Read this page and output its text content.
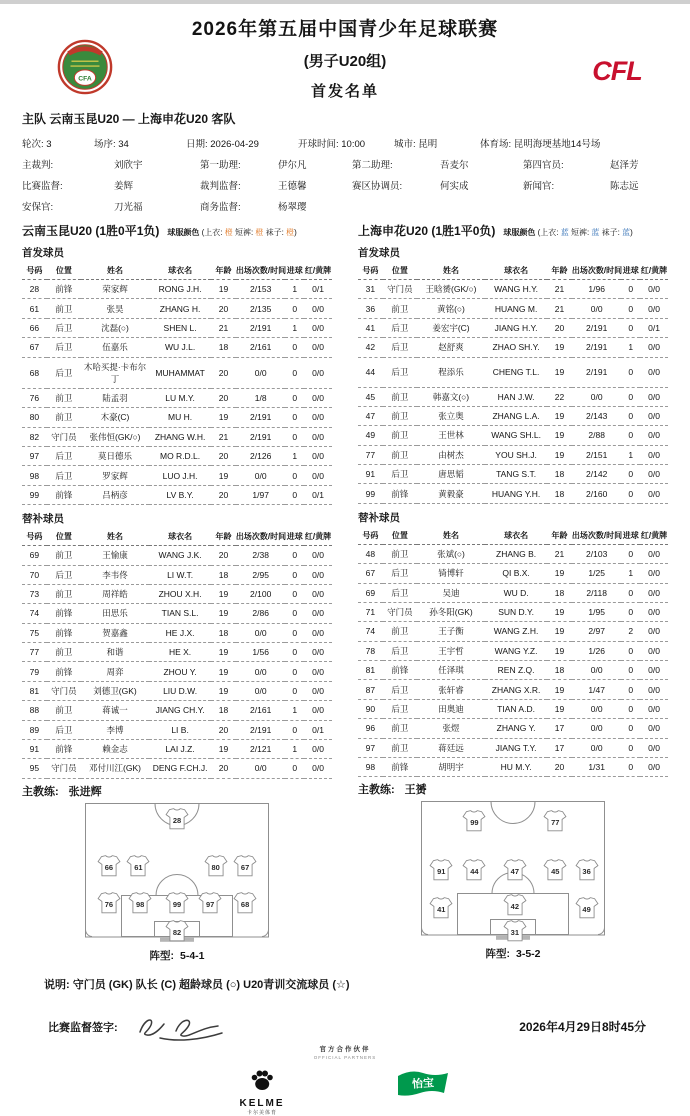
CFA
2026年第五届中国青少年足球联赛
(男子U20组)
首发名单
CFL
主队 云南玉昆U20 — 上海申花U20 客队
轮次: 3	场序: 34	日期: 2026-04-29	开球时间: 10:00	城市: 昆明	体育场: 昆明海埂基地14号场
主裁判:	刘欣宇	第一助理:	伊尔凡	第二助理:	吾麦尔	第四官员:	赵泽芳
比赛监督:	姜辉	裁判监督:	王德馨	赛区协调员:	何实成	新闻官:	陈志远
安保官:	刀光福	商务监督:	杨翠璎
云南玉昆U20 (1胜0平1负) 球服颜色 (上衣: 橙 短裤: 橙 袜子: 橙)
首发球员
号码	位置	姓名	球衣名	年龄	出场次数/时间	进球	红/黄牌
28	前锋	荣家辉	RONG J.H.	19	2/153	1	0/1
61	前卫	张昊	ZHANG H.	20	2/135	0	0/0
66	后卫	沈磊(○)	SHEN L.	21	2/191	1	0/0
67	后卫	伍嘉乐	WU J.L.	18	2/161	0	0/0
68	后卫	木哈买提·卡布尔丁	MUHAMMAT	20	0/0	0	0/0
76	前卫	陆孟羽	LU M.Y.	20	1/8	0	0/0
80	前卫	木豪(C)	MU H.	19	2/191	0	0/0
82	守门员	张伟恒(GK/○)	ZHANG W.H.	21	2/191	0	0/0
97	后卫	莫日德乐	MO R.D.L.	20	2/126	1	0/0
98	后卫	罗家辉	LUO J.H.	19	0/0	0	0/0
99	前锋	吕柄彦	LV B.Y.	20	1/97	0	0/1
替补球员
号码	位置	姓名	球衣名	年龄	出场次数/时间	进球	红/黄牌
69	前卫	王愉康	WANG J.K.	20	2/38	0	0/0
70	后卫	李韦佟	LI W.T.	18	2/95	0	0/0
73	前卫	周祥皓	ZHOU X.H.	19	2/100	0	0/0
74	前锋	田思乐	TIAN S.L.	19	2/86	0	0/0
75	前锋	贺嘉鑫	HE J.X.	18	0/0	0	0/0
77	前卫	和谐	HE X.	19	1/56	0	0/0
79	前锋	周弈	ZHOU Y.	19	0/0	0	0/0
81	守门员	刘德卫(GK)	LIU D.W.	19	0/0	0	0/0
88	前卫	蒋诚一	JIANG CH.Y.	18	2/161	1	0/0
89	后卫	李博	LI B.	20	2/191	0	0/1
91	前锋	赖金志	LAI J.Z.	19	2/121	1	0/0
95	守门员	邓付川江(GK)	DENG F.CH.J.	20	0/0	0	0/0
主教练: 张进辉
28
66	61	80	67
76	98	99	97	68
82
阵型: 5-4-1
上海申花U20 (1胜1平0负) 球服颜色 (上衣: 蓝 短裤: 蓝 袜子: 蓝)
首发球员
号码	位置	姓名	球衣名	年龄	出场次数/时间	进球	红/黄牌
31	守门员	王晗赟(GK/○)	WANG H.Y.	21	1/96	0	0/0
36	前卫	黄铭(○)	HUANG M.	21	0/0	0	0/0
41	后卫	姜宏宇(C)	JIANG H.Y.	20	2/191	0	0/1
42	后卫	赵舒爽	ZHAO SH.Y.	19	2/191	1	0/0
44	后卫	程添乐	CHENG T.L.	19	2/191	0	0/0
45	前卫	韩嘉文(○)	HAN J.W.	22	0/0	0	0/0
47	前卫	张立奥	ZHANG L.A.	19	2/143	0	0/0
49	前卫	王世林	WANG SH.L.	19	2/88	0	0/0
77	前卫	由树杰	YOU SH.J.	19	2/151	1	0/0
91	后卫	唐思韬	TANG S.T.	18	2/142	0	0/0
99	前锋	黄毅豪	HUANG Y.H.	18	2/160	0	0/0
替补球员
号码	位置	姓名	球衣名	年龄	出场次数/时间	进球	红/黄牌
48	前卫	张斌(○)	ZHANG B.	21	2/103	0	0/0
67	后卫	锜博轩	QI B.X.	19	1/25	1	0/0
69	后卫	吴迪	WU D.	18	2/118	0	0/0
71	守门员	孙冬阳(GK)	SUN D.Y.	19	1/95	0	0/0
74	前卫	王子衡	WANG Z.H.	19	2/97	2	0/0
78	后卫	王宇哲	WANG Y.Z.	19	1/26	0	0/0
81	前锋	任泽琪	REN Z.Q.	18	0/0	0	0/0
87	后卫	张轩睿	ZHANG X.R.	19	1/47	0	0/0
90	后卫	田奥迪	TIAN A.D.	19	0/0	0	0/0
96	前卫	张煜	ZHANG Y.	17	0/0	0	0/0
97	前卫	蒋廷远	JIANG T.Y.	17	0/0	0	0/0
98	前锋	胡明宇	HU M.Y.	20	1/31	0	0/0
主教练: 王赟
99	77
91	44	47	45	36
41	42	49
31
阵型: 3-5-2
说明: 守门员 (GK) 队长 (C) 超龄球员 (○) U20青训交流球员 (☆)
比赛监督签字:	2026年4月29日8时45分
官方合作伙伴
OFFICIAL PARTNERS
KELME
卡尔美体育
怡宝
